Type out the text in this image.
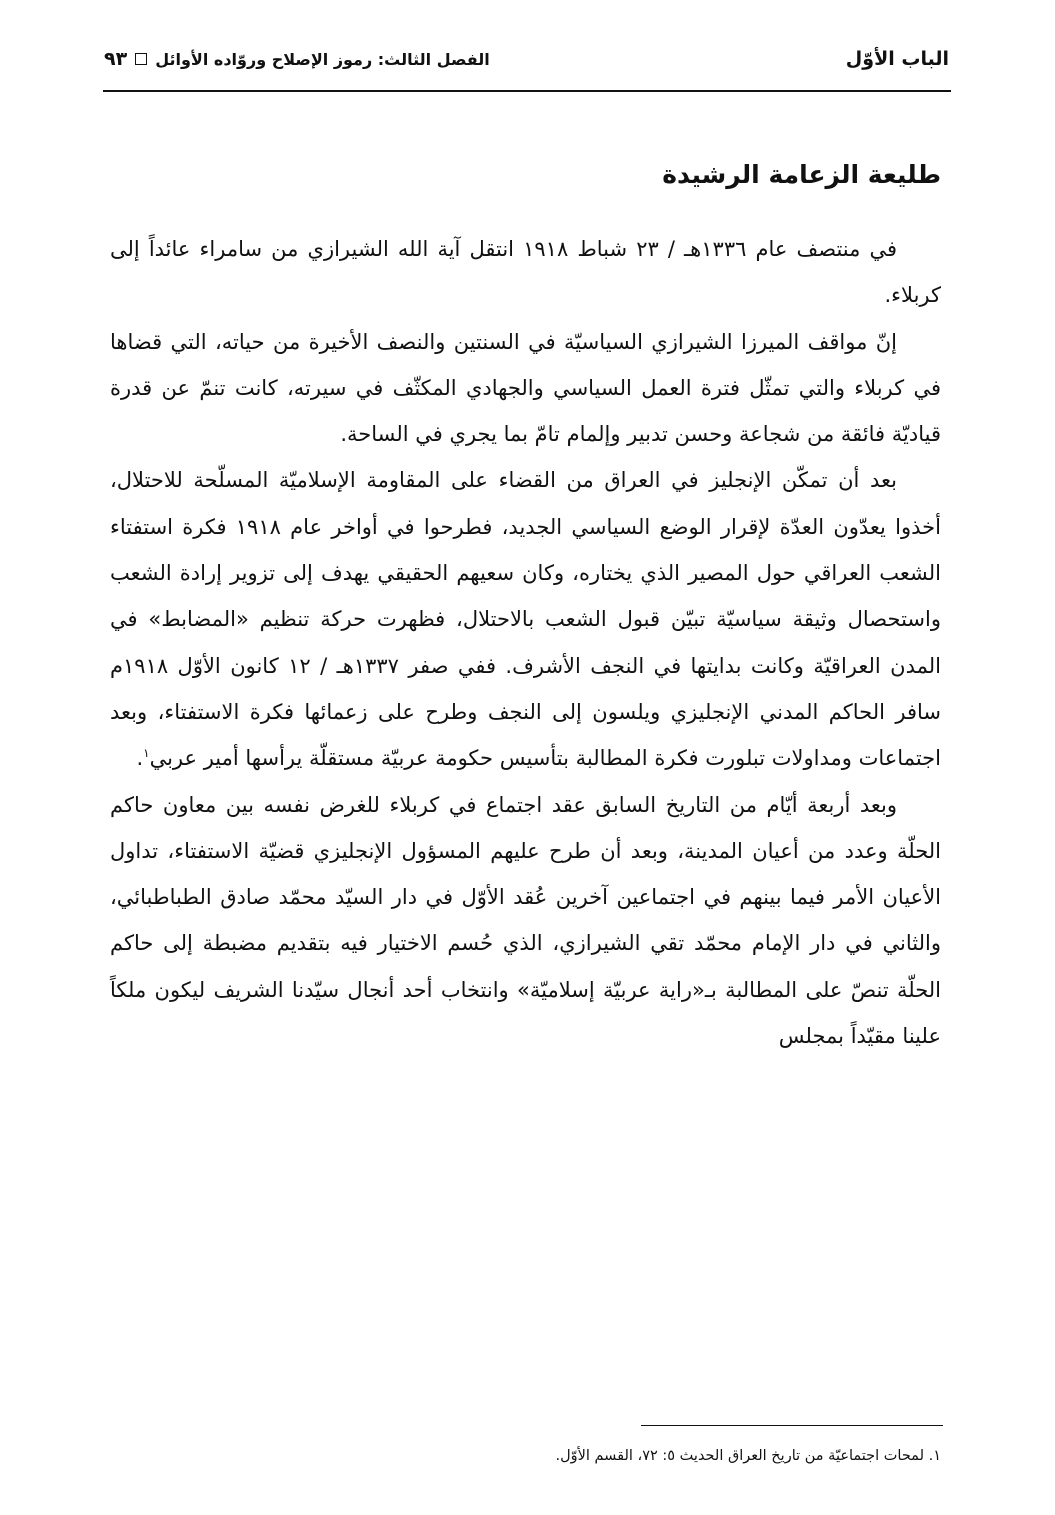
الباب الأوّل
الفصل الثالث: رموز الإصلاح وروّاده الأوائل
٩٣
طليعة الزعامة الرشيدة

في منتصف عام ١٣٣٦هـ / ٢٣ شباط ١٩١٨ انتقل آية الله الشيرازي من سامراء عائداً إلى كربلاء.

إنّ مواقف الميرزا الشيرازي السياسيّة في السنتين والنصف الأخيرة من حياته، التي قضاها في كربلاء والتي تمثّل فترة العمل السياسي والجهادي المكثّف في سيرته، كانت تنمّ عن قدرة قياديّة فائقة من شجاعة وحسن تدبير وإلمام تامّ بما يجري في الساحة.

بعد أن تمكّن الإنجليز في العراق من القضاء على المقاومة الإسلاميّة المسلّحة للاحتلال، أخذوا يعدّون العدّة لإقرار الوضع السياسي الجديد، فطرحوا في أواخر عام ١٩١٨ فكرة استفتاء الشعب العراقي حول المصير الذي يختاره، وكان سعيهم الحقيقي يهدف إلى تزوير إرادة الشعب واستحصال وثيقة سياسيّة تبيّن قبول الشعب بالاحتلال، فظهرت حركة تنظيم «المضابط» في المدن العراقيّة وكانت بدايتها في النجف الأشرف. ففي صفر ١٣٣٧هـ / ١٢ كانون الأوّل ١٩١٨م سافر الحاكم المدني الإنجليزي ويلسون إلى النجف وطرح على زعمائها فكرة الاستفتاء، وبعد اجتماعات ومداولات تبلورت فكرة المطالبة بتأسيس حكومة عربيّة مستقلّة يرأسها أمير عربي$^١$.

وبعد أربعة أيّام من التاريخ السابق عقد اجتماع في كربلاء للغرض نفسه بين معاون حاكم الحلّة وعدد من أعيان المدينة، وبعد أن طرح عليهم المسؤول الإنجليزي قضيّة الاستفتاء، تداول الأعيان الأمر فيما بينهم في اجتماعين آخرين عُقد الأوّل في دار السيّد محمّد صادق الطباطبائي، والثاني في دار الإمام محمّد تقي الشيرازي، الذي حُسم الاختيار فيه بتقديم مضبطة إلى حاكم الحلّة تنصّ على المطالبة بـ«راية عربيّة إسلاميّة» وانتخاب أحد أنجال سيّدنا الشريف ليكون ملكاً علينا مقيّداً بمجلس

١. لمحات اجتماعيّة من تاريخ العراق الحديث ٥: ٧٢، القسم الأوّل.
